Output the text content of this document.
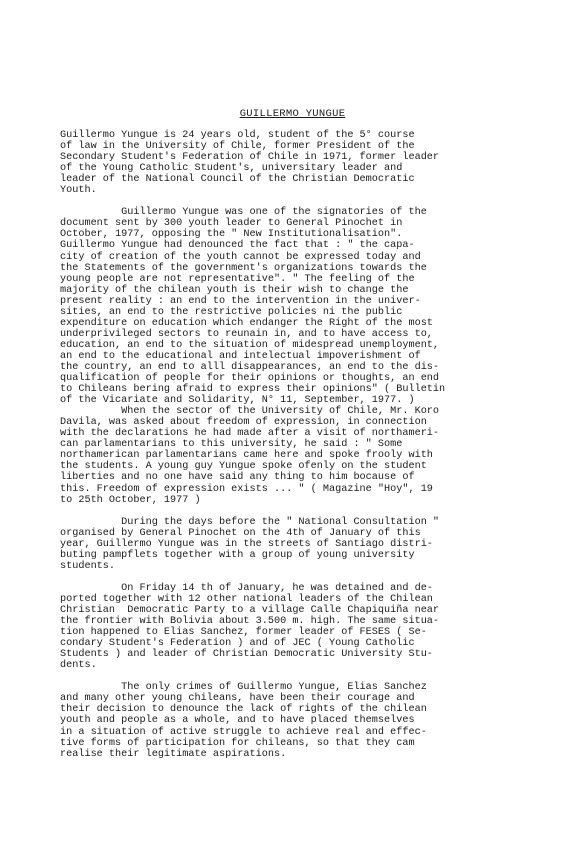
GUILLERMO YUNGUE
Guillermo Yungue is 24 years old, student of the 5° course
of law in the University of Chile, former President of the
Secondary Student's Federation of Chile in 1971, former leader
of the Young Catholic Student's, universitary leader and
leader of the National Council of the Christian Democratic
Youth.
Guillermo Yungue was one of the signatories of the
document sent by 300 youth leader to General Pinochet in
October, 1977, opposing the " New Institutionalisation".
Guillermo Yungue had denounced the fact that : " the capa-
city of creation of the youth cannot be expressed today and
the Statements of the government's organizations towards the
young people are not representative". " The feeling of the
majority of the chilean youth is their wish to change the
present reality : an end to the intervention in the univer-
sities, an end to the restrictive policies ni the public
expenditure on education which endanger the Right of the most
underprivileged sectors to reunain in, and to have access to,
education, an end to the situation of midespread unemployment,
an end to the educational and intelectual impoverishment of
the country, an end to alll disappearances, an end to the dis-
qualification of people for their opinions or thoughts, an end
to Chileans bering afraid to express their opinions" ( Bulletin
of the Vicariate and Solidarity, N° 11, September, 1977. )
When the sector of the University of Chile, Mr. Koro
Davila, was asked about freedom of expression, in connection
with the declarations he had made after a visit of northameri-
can parlamentarians to this university, he said : " Some
northamerican parlamentarians came here and spoke frooly with
the students. A young guy Yungue spoke ofenly on the student
liberties and no one have said any thing to him bocause of
this. Freedom of expression exists ... " ( Magazine "Hoy", 19
to 25th October, 1977 )
During the days before the " National Consultation "
organised by General Pinochet on the 4th of January of this
year, Guillermo Yungue was in the streets of Santiago distri-
buting pampflets together with a group of young university
students.
On Friday 14 th of January, he was detained and de-
ported together with 12 other national leaders of the Chilean
Christian  Democratic Party to a village Calle Chapiquiña near
the frontier with Bolivia about 3.500 m. high. The same situa-
tion happened to Elias Sanchez, former leader of FESES ( Se-
condary Student's Federation ) and of JEC ( Young Catholic
Students ) and leader of Christian Democratic University Stu-
dents.
The only crimes of Guillermo Yungue, Elias Sanchez
and many other young chileans, have been their courage and
their decision to denounce the lack of rights of the chilean
youth and people as a whole, and to have placed themselves
in a situation of active struggle to achieve real and effec-
tive forms of participation for chileans, so that they cam
realise their legitimate aspirations.
